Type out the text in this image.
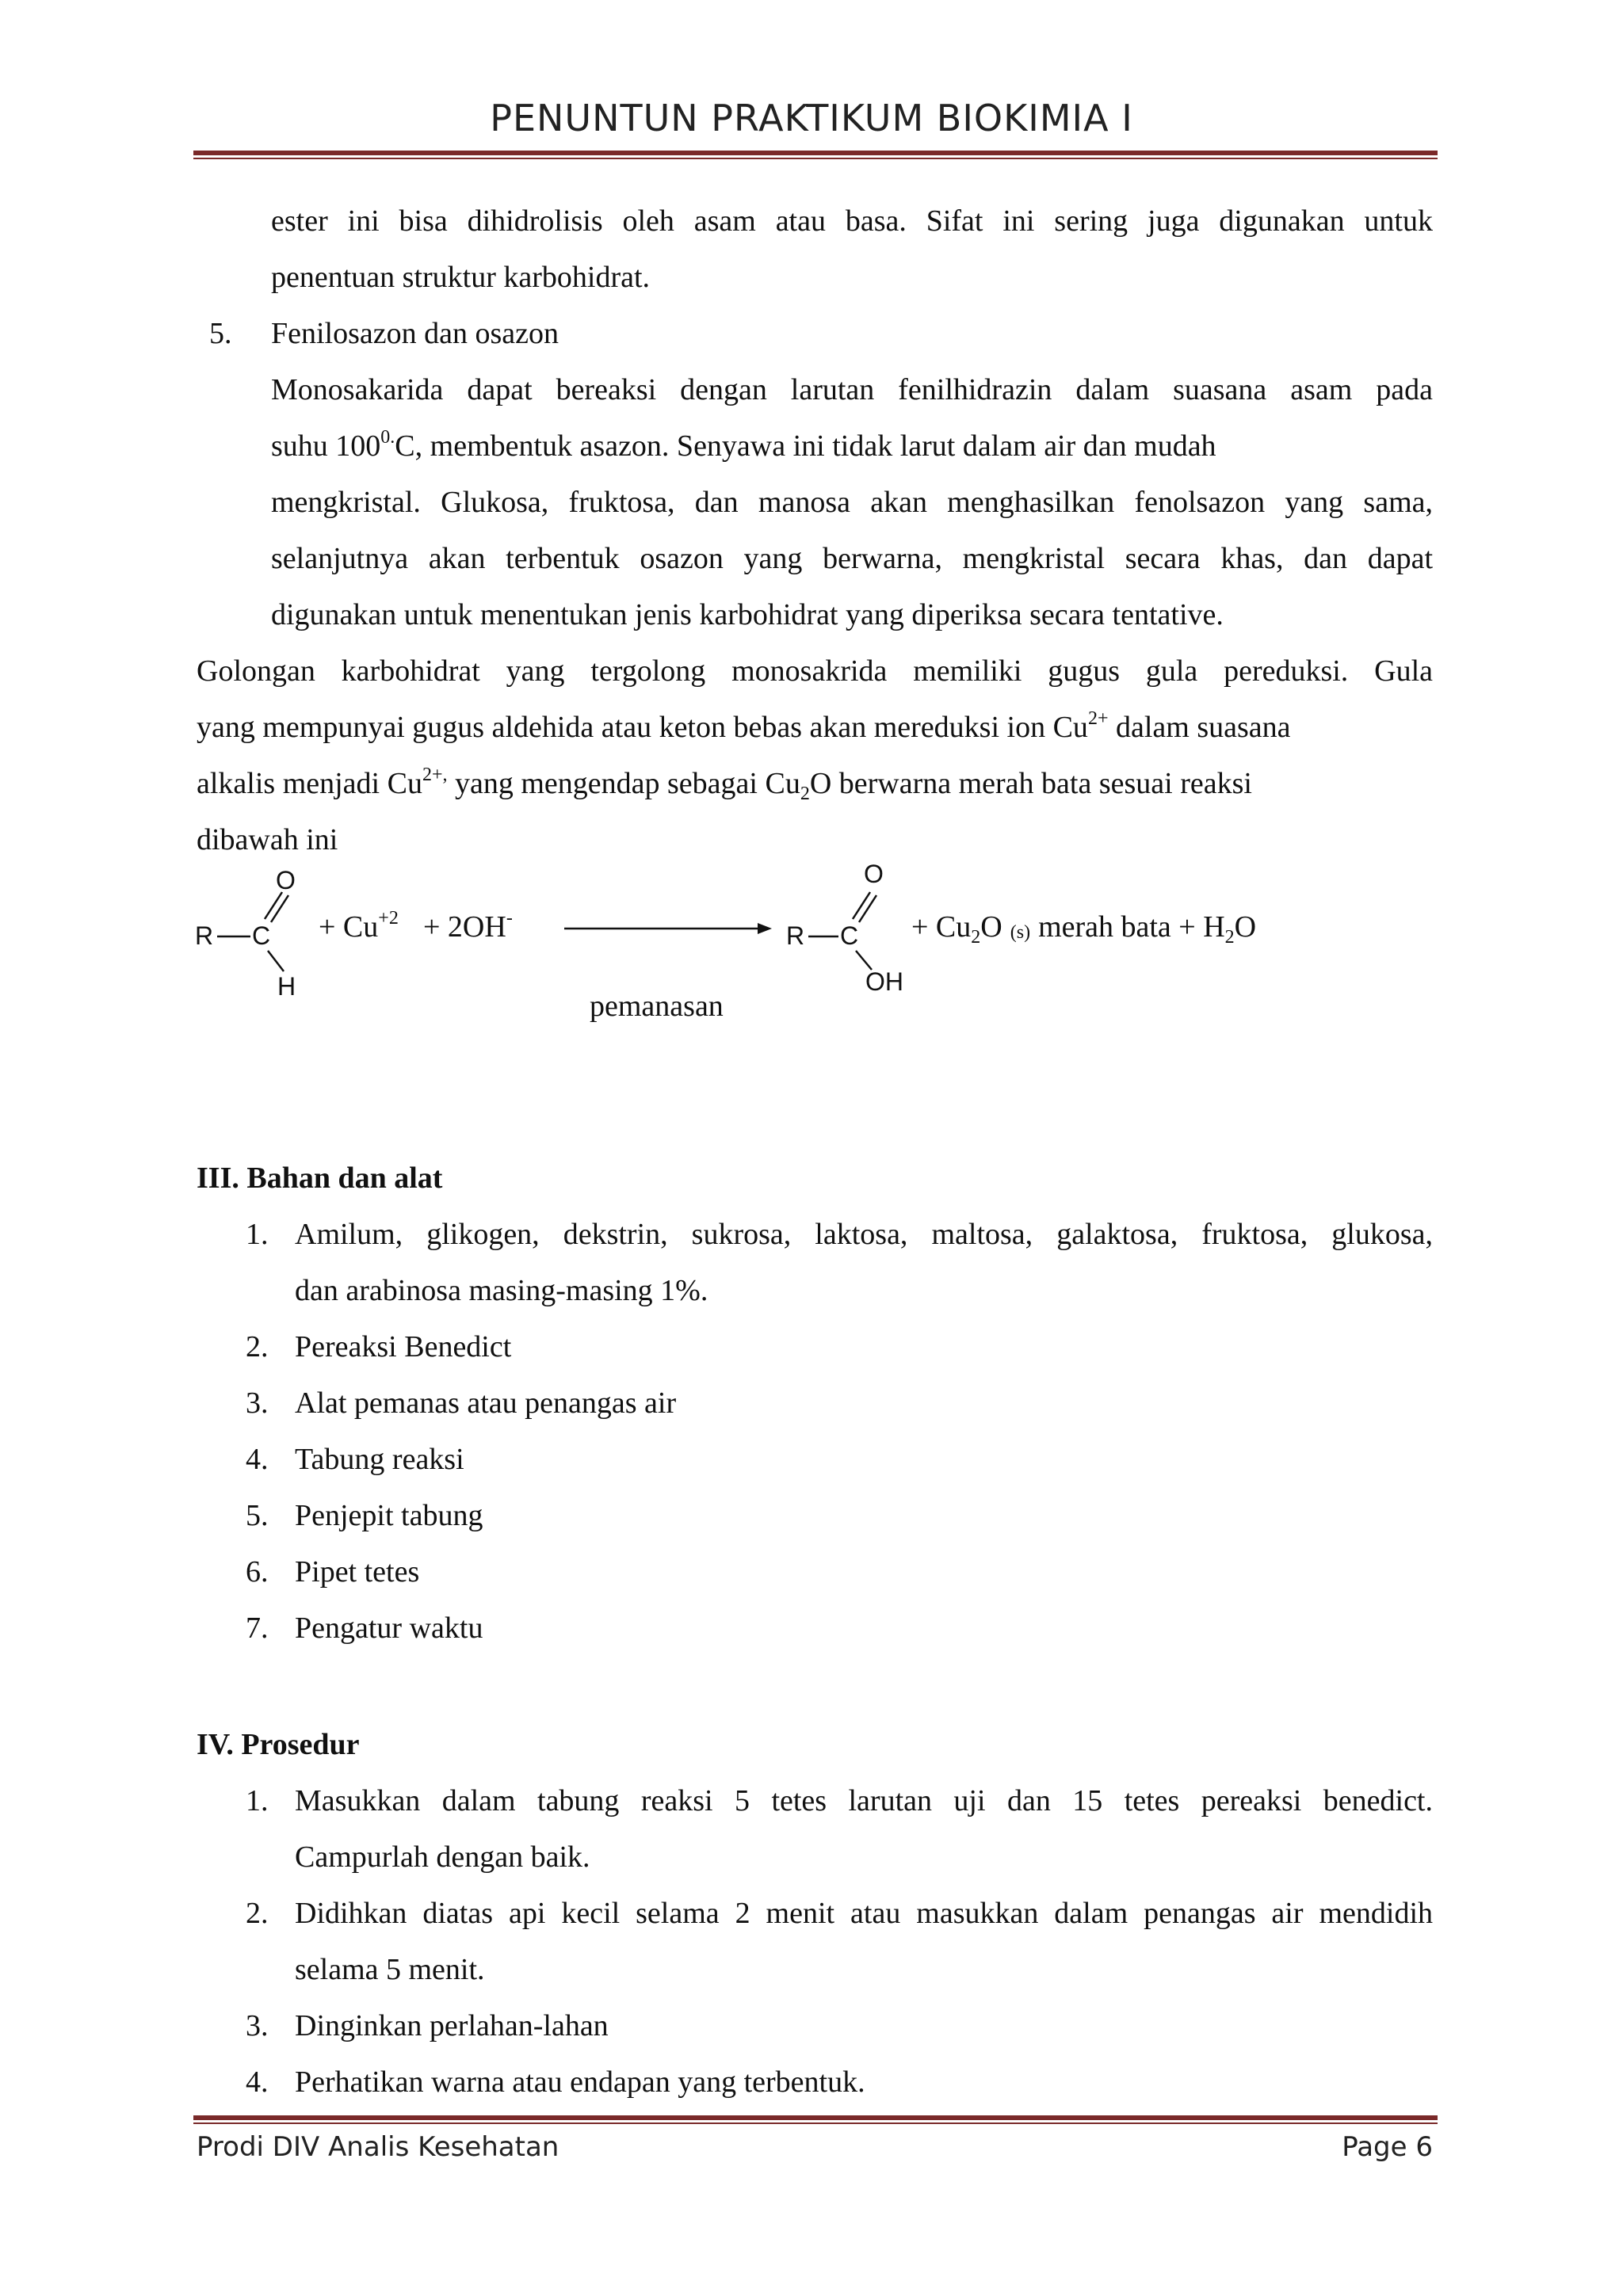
PENUNTUN PRAKTIKUM BIOKIMIA I
ester ini bisa dihidrolisis oleh asam atau basa. Sifat ini sering juga digunakan untuk
penentuan struktur karbohidrat.
5. Fenilosazon dan osazon
Monosakarida dapat bereaksi dengan larutan fenilhidrazin dalam suasana asam pada
suhu $100^{0.}C$, membentuk asazon. Senyawa ini tidak larut dalam air dan mudah
mengkristal. Glukosa, fruktosa, dan manosa akan menghasilkan fenolsazon yang sama,
selanjutnya akan terbentuk osazon yang berwarna, mengkristal secara khas, dan dapat
digunakan untuk menentukan jenis karbohidrat yang diperiksa secara tentative.
Golongan karbohidrat yang tergolong monosakrida memiliki gugus gula pereduksi. Gula
yang mempunyai gugus aldehida atau keton bebas akan mereduksi ion $Cu^{2+}$ dalam suasana
alkalis menjadi $Cu^{2+,}$ yang mengendap sebagai $Cu_2O$ berwarna merah bata sesuai reaksi
dibawah ini
R C
O
H
+ $Cu^{+2} + 2OH^-$
pemanasan
R C
O
OH
+ $Cu_2O$ (s) merah bata + $H_2O$
III. Bahan dan alat
1. Amilum, glikogen, dekstrin, sukrosa, laktosa, maltosa, galaktosa, fruktosa, glukosa,
dan arabinosa masing-masing 1%.
2. Pereaksi Benedict
3. Alat pemanas atau penangas air
4. Tabung reaksi
5. Penjepit tabung
6. Pipet tetes
7. Pengatur waktu
IV. Prosedur
1. Masukkan dalam tabung reaksi 5 tetes larutan uji dan 15 tetes pereaksi benedict.
Campurlah dengan baik.
2. Didihkan diatas api kecil selama 2 menit atau masukkan dalam penangas air mendidih
selama 5 menit.
3. Dinginkan perlahan-lahan
4. Perhatikan warna atau endapan yang terbentuk.
Prodi DIV Analis Kesehatan	Page 6
